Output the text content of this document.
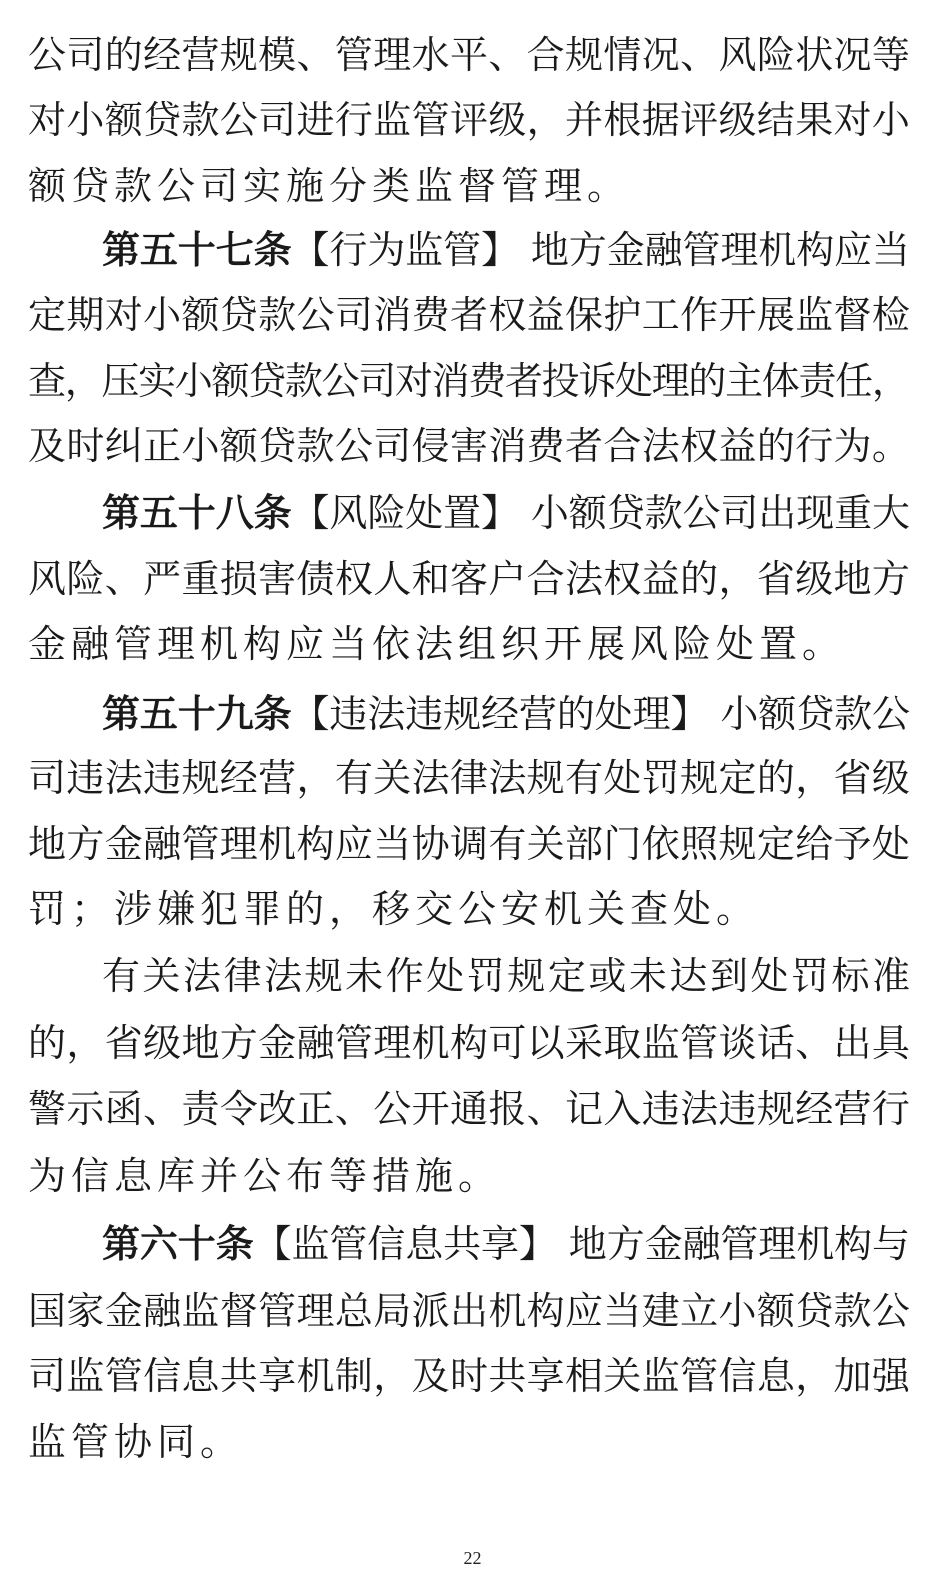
公司的经营规模、管理水平、合规情况、风险状况等
对小额贷款公司进行监管评级，并根据评级结果对小
额贷款公司实施分类监督管理。
第五十七条【行为监管】 地方金融管理机构应当
定期对小额贷款公司消费者权益保护工作开展监督检
查，压实小额贷款公司对消费者投诉处理的主体责任，
及时纠正小额贷款公司侵害消费者合法权益的行为。
第五十八条【风险处置】 小额贷款公司出现重大
风险、严重损害债权人和客户合法权益的，省级地方
金融管理机构应当依法组织开展风险处置。
第五十九条【违法违规经营的处理】 小额贷款公
司违法违规经营，有关法律法规有处罚规定的，省级
地方金融管理机构应当协调有关部门依照规定给予处
罚；涉嫌犯罪的，移交公安机关查处。
有关法律法规未作处罚规定或未达到处罚标准
的，省级地方金融管理机构可以采取监管谈话、出具
警示函、责令改正、公开通报、记入违法违规经营行
为信息库并公布等措施。
第六十条【监管信息共享】 地方金融管理机构与
国家金融监督管理总局派出机构应当建立小额贷款公
司监管信息共享机制，及时共享相关监管信息，加强
监管协同。
22
